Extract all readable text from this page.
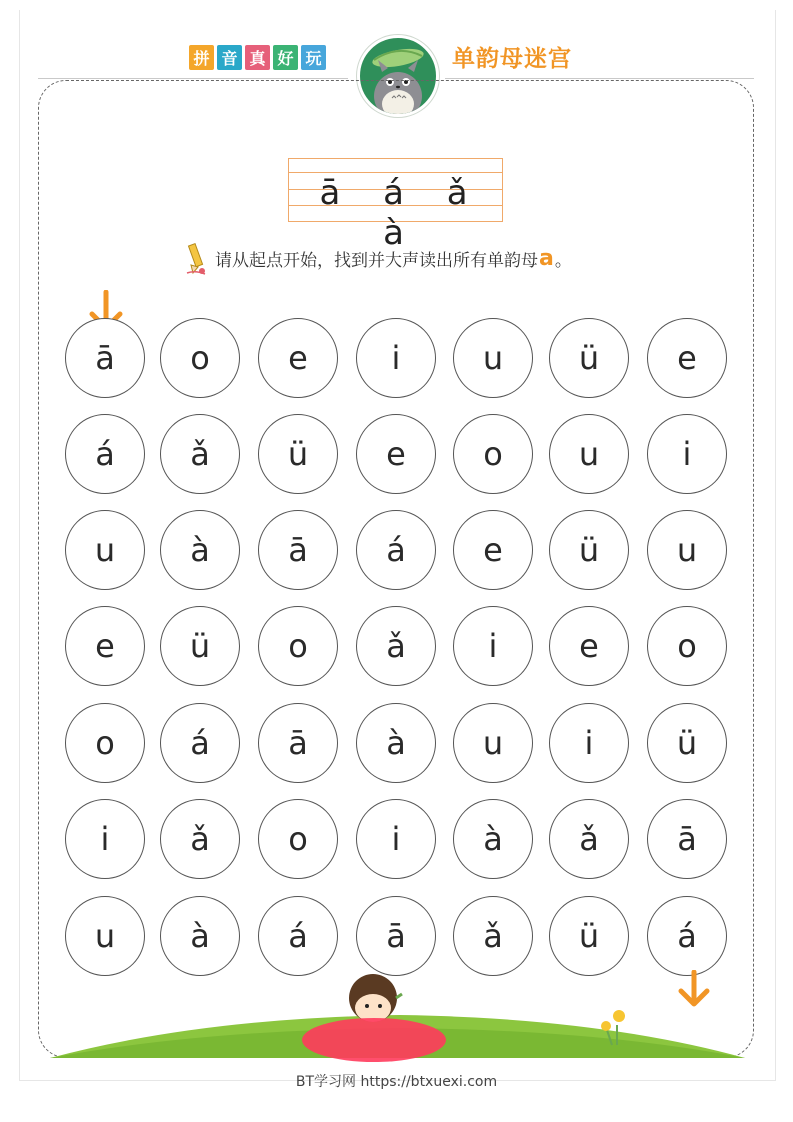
拼 音 真 好 玩	单韵母迷宫
ā á ǎ à
请从起点开始，找到并大声读出所有单韵母 a 。
ā	o	e	i	u	ü	e
á	ǎ	ü	e	o	u	i
u	à	ā	á	e	ü	u
e	ü	o	ǎ	i	e	o
o	á	ā	à	u	i	ü
i	ǎ	o	i	à	ǎ	ā
u	à	á	ā	ǎ	ü	á
BT学习网 https://btxuexi.com
